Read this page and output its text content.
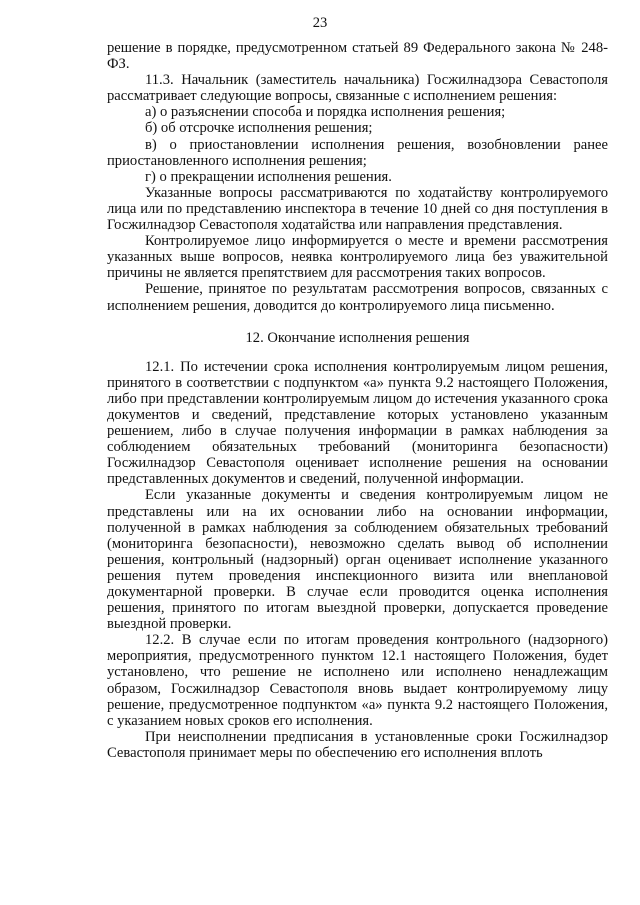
23

решение в порядке, предусмотренном статьей 89 Федерального закона № 248-ФЗ.

11.3. Начальник (заместитель начальника) Госжилнадзора Севастополя рассматривает следующие вопросы, связанные с исполнением решения:

а) о разъяснении способа и порядка исполнения решения;

б) об отсрочке исполнения решения;

в) о приостановлении исполнения решения, возобновлении ранее приостановленного исполнения решения;

г) о прекращении исполнения решения.

Указанные вопросы рассматриваются по ходатайству контролируемого лица или по представлению инспектора в течение 10 дней со дня поступления в Госжилнадзор Севастополя ходатайства или направления представления.

Контролируемое лицо информируется о месте и времени рассмотрения указанных выше вопросов, неявка контролируемого лица без уважительной причины не является препятствием для рассмотрения таких вопросов.

Решение, принятое по результатам рассмотрения вопросов, связанных с исполнением решения, доводится до контролируемого лица письменно.

12. Окончание исполнения решения

12.1. По истечении срока исполнения контролируемым лицом решения, принятого в соответствии с подпунктом «а» пункта 9.2 настоящего Положения, либо при представлении контролируемым лицом до истечения указанного срока документов и сведений, представление которых установлено указанным решением, либо в случае получения информации в рамках наблюдения за соблюдением обязательных требований (мониторинга безопасности) Госжилнадзор Севастополя оценивает исполнение решения на основании представленных документов и сведений, полученной информации.

Если указанные документы и сведения контролируемым лицом не представлены или на их основании либо на основании информации, полученной в рамках наблюдения за соблюдением обязательных требований (мониторинга безопасности), невозможно сделать вывод об исполнении решения, контрольный (надзорный) орган оценивает исполнение указанного решения путем проведения инспекционного визита или внеплановой документарной проверки. В случае если проводится оценка исполнения решения, принятого по итогам выездной проверки, допускается проведение выездной проверки.

12.2. В случае если по итогам проведения контрольного (надзорного) мероприятия, предусмотренного пунктом 12.1 настоящего Положения, будет установлено, что решение не исполнено или исполнено ненадлежащим образом, Госжилнадзор Севастополя вновь выдает контролируемому лицу решение, предусмотренное подпунктом «а» пункта 9.2 настоящего Положения, с указанием новых сроков его исполнения.

При неисполнении предписания в установленные сроки Госжилнадзор Севастополя принимает меры по обеспечению его исполнения вплоть
